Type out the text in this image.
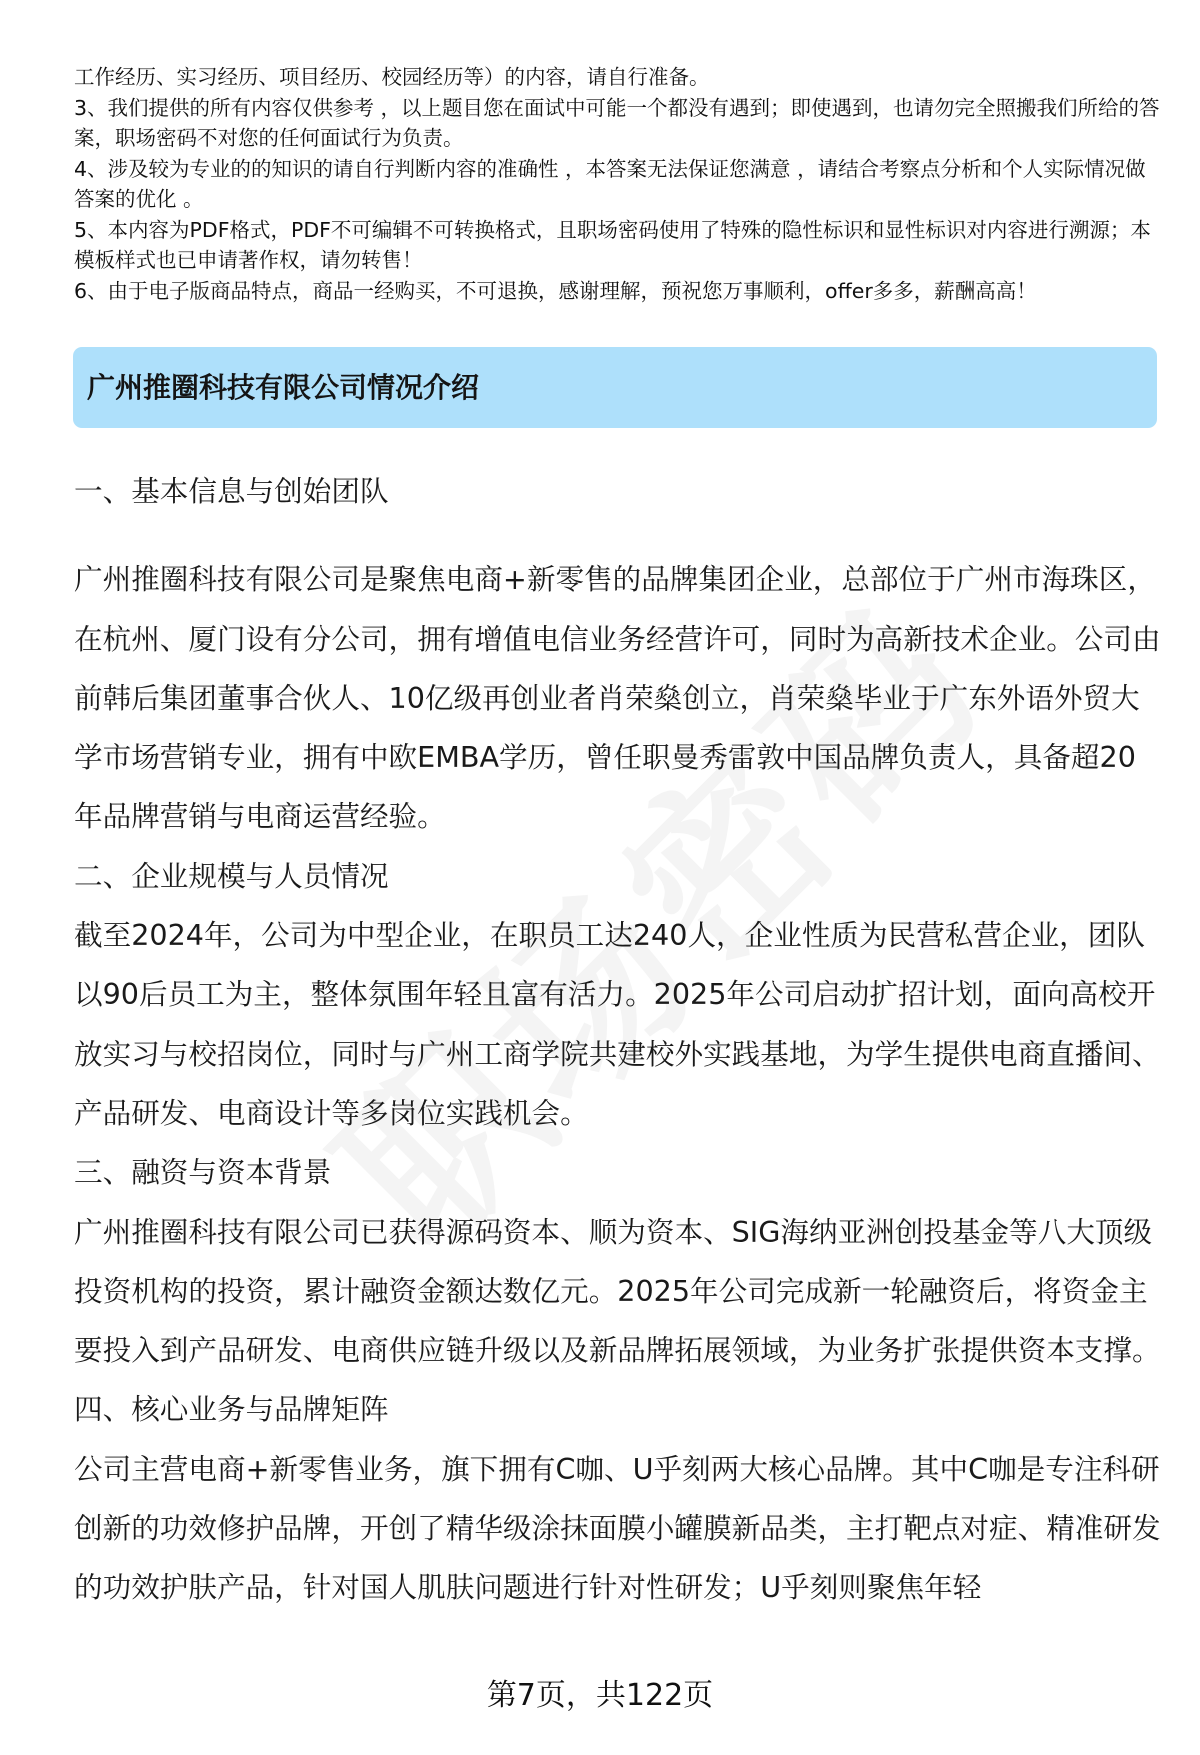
工作经历、实习经历、项目经历、校园经历等）的内容，请自行准备。

3、我们提供的所有内容仅供参考 ，以上题目您在面试中可能一个都没有遇到；即使遇到，也请勿完全照搬我们所给的答案，职场密码不对您的任何面试行为负责。

4、涉及较为专业的的知识的请自行判断内容的准确性 ，本答案无法保证您满意 ，请结合考察点分析和个人实际情况做答案的优化 。

5、本内容为PDF格式，PDF不可编辑不可转换格式，且职场密码使用了特殊的隐性标识和显性标识对内容进行溯源；本模板样式也已申请著作权，请勿转售！

6、由于电子版商品特点，商品一经购买，不可退换，感谢理解，预祝您万事顺利，offer多多，薪酬高高！

广州推圈科技有限公司情况介绍

一、基本信息与创始团队

广州推圈科技有限公司是聚焦电商+新零售的品牌集团企业，总部位于广州市海珠区，在杭州、厦门设有分公司，拥有增值电信业务经营许可，同时为高新技术企业。公司由前韩后集团董事合伙人、10亿级再创业者肖荣燊创立，肖荣燊毕业于广东外语外贸大学市场营销专业，拥有中欧EMBA学历，曾任职曼秀雷敦中国品牌负责人，具备超20年品牌营销与电商运营经验。

二、企业规模与人员情况

截至2024年，公司为中型企业，在职员工达240人，企业性质为民营私营企业，团队以90后员工为主，整体氛围年轻且富有活力。2025年公司启动扩招计划，面向高校开放实习与校招岗位，同时与广州工商学院共建校外实践基地，为学生提供电商直播间、产品研发、电商设计等多岗位实践机会。

三、融资与资本背景

广州推圈科技有限公司已获得源码资本、顺为资本、SIG海纳亚洲创投基金等八大顶级投资机构的投资，累计融资金额达数亿元。2025年公司完成新一轮融资后，将资金主要投入到产品研发、电商供应链升级以及新品牌拓展领域，为业务扩张提供资本支撑。

四、核心业务与品牌矩阵

公司主营电商+新零售业务，旗下拥有C咖、U乎刻两大核心品牌。其中C咖是专注科研创新的功效修护品牌，开创了精华级涂抹面膜小罐膜新品类，主打靶点对症、精准研发的功效护肤产品，针对国人肌肤问题进行针对性研发；U乎刻则聚焦年轻

第7页，共122页
